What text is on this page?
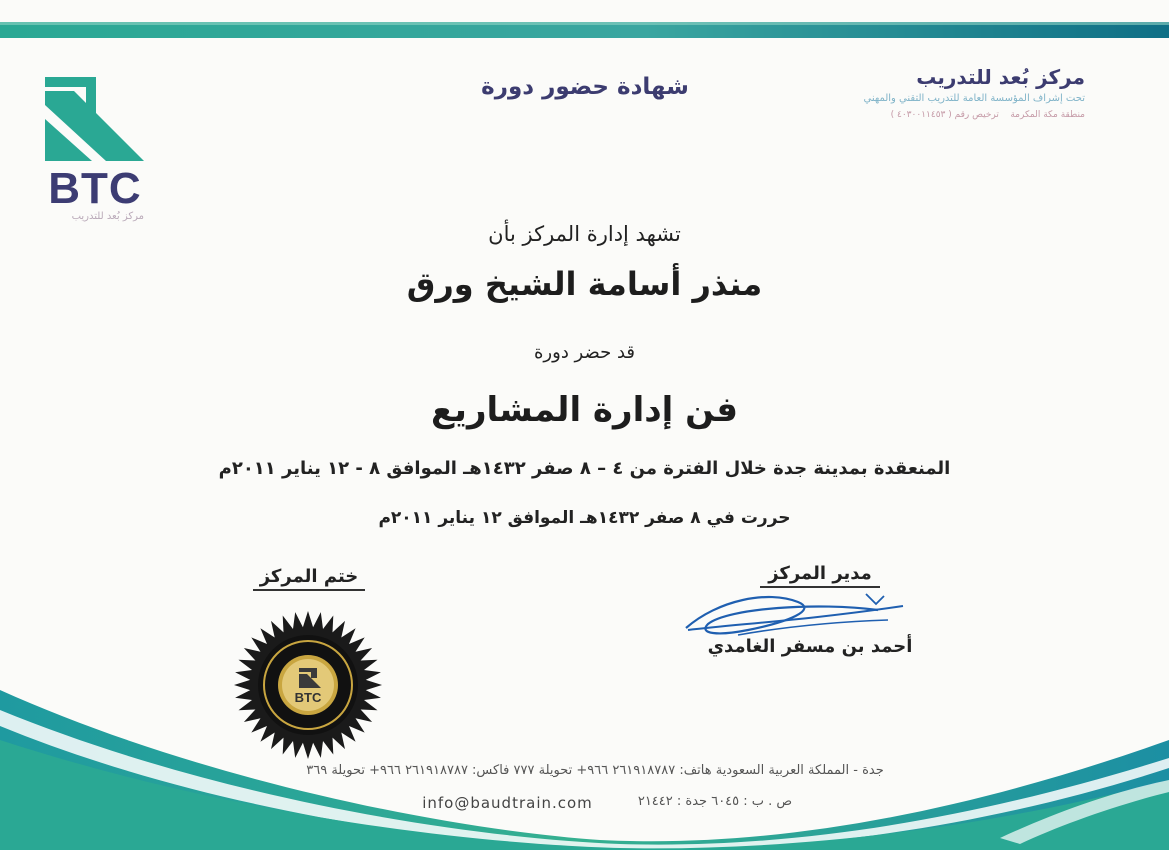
BTC
مركز بُعد للتدريب
شهادة حضور دورة	مركز بُعد للتدريب
تحت إشراف المؤسسة العامة للتدريب التقني والمهني
منطقة مكة المكرمة    ترخيص رقم ( ٤٠٣٠٠١١٤٥٣ )
تشهد إدارة المركز بأن
منذر أسامة الشيخ ورق
قد حضر دورة
فن إدارة المشاريع
المنعقدة بمدينة جدة خلال الفترة من ٤ – ٨ صفر ١٤٣٢هـ الموافق ٨ - ١٢ يناير ٢٠١١م
حررت في ٨ صفر ١٤٣٢هـ الموافق ١٢ يناير ٢٠١١م
ختم المركز
BTC
مدير المركز
أحمد بن مسفر الغامدي
جدة - المملكة العربية السعودية هاتف: ٢٦١٩١٨٧٨٧ ٩٦٦+ تحويلة ٧٧٧ فاكس: ٢٦١٩١٨٧٨٧ ٩٦٦+ تحويلة ٣٦٩
info@baudtrain.com	ص . ب : ٦٠٤٥ جدة : ٢١٤٤٢
